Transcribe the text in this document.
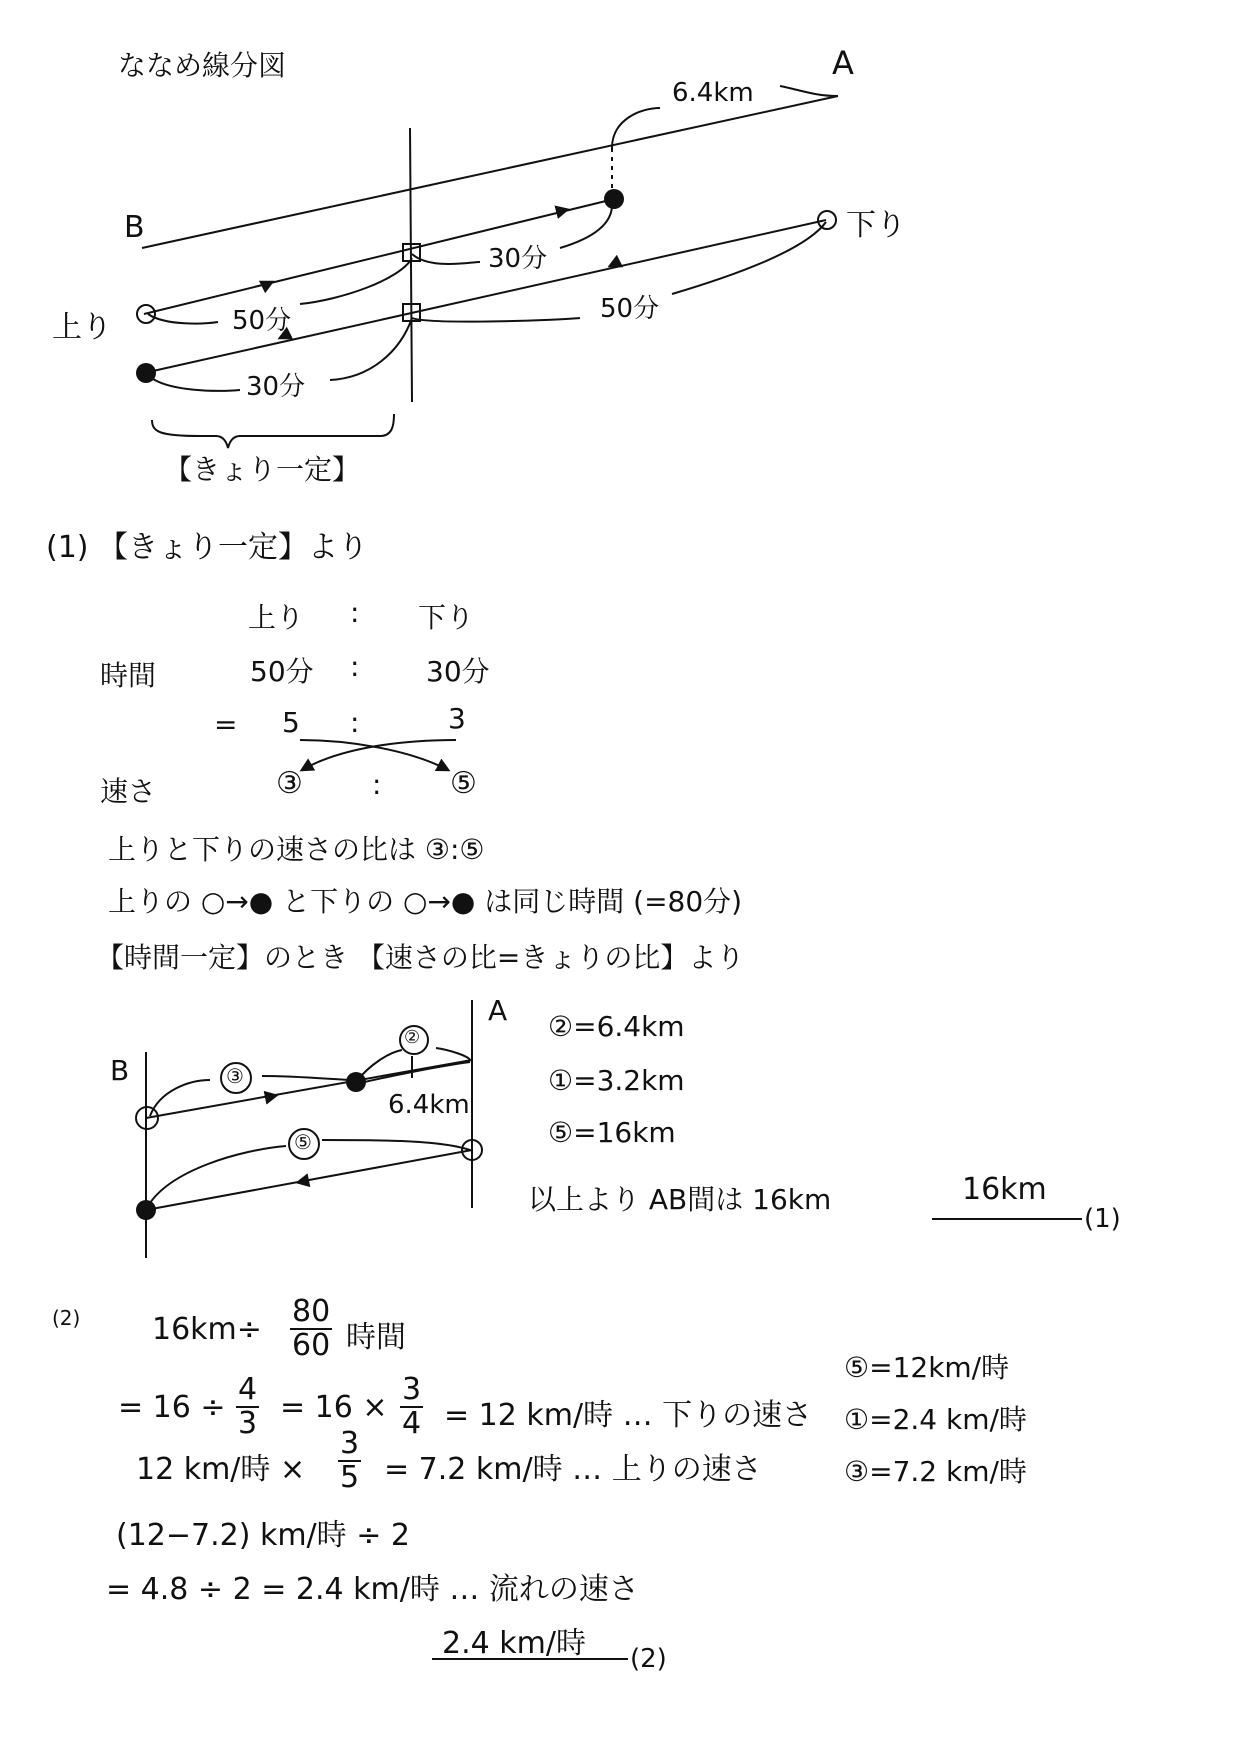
ななめ線分図	A
B
6.4km
下り
上り
30分
50分	50分
30分
【きょり一定】
(1) 【きょり一定】より
上り : 下り
時間	50分 : 30分
= 5 :	3
速さ	③ : ⑤
上りと下りの速さの比は ③:⑤
上りの ○→● と下りの ○→● は同じ時間 (=80分)
【時間一定】のとき 【速さの比=きょりの比】より
A
B	③
②
⑤
6.4km
②=6.4km
①=3.2km
⑤=16km
以上より AB間は 16km	16km
(1)
(2) $16km\div \frac{80}{60}$ 時間
= $16 \div \frac{4}{3} = 16 \times \frac{3}{4} = 12$ km/時 … 下りの速さ
12 km/時 × $\frac{3}{5} = 7.2$ km/時 … 上りの速さ
(12−7.2) km/時 ÷ 2
= 4.8 ÷ 2 = 2.4 km/時 … 流れの速さ
2.4 km/時 (2)
⑤=12km/時
①=2.4 km/時
③=7.2 km/時
